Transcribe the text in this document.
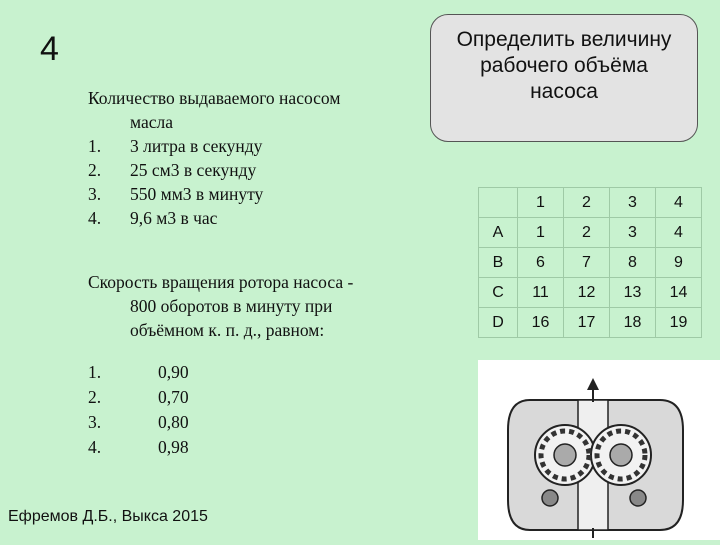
4
Количество выдаваемого насосом
масла
1.	3 литра в секунду
2.	25 см3 в секунду
3.	550 мм3 в минуту
4.	9,6 м3 в час
Скорость вращения ротора насоса -
800 оборотов в минуту при
объёмном к. п. д., равном:
1.	0,90
2.	0,70
3.	0,80
4.	0,98
Ефремов Д.Б., Выкса 2015
Определить величину
рабочего объёма
насоса
	1	2	3	4
A	1	2	3	4
B	6	7	8	9
C	11	12	13	14
D	16	17	18	19
